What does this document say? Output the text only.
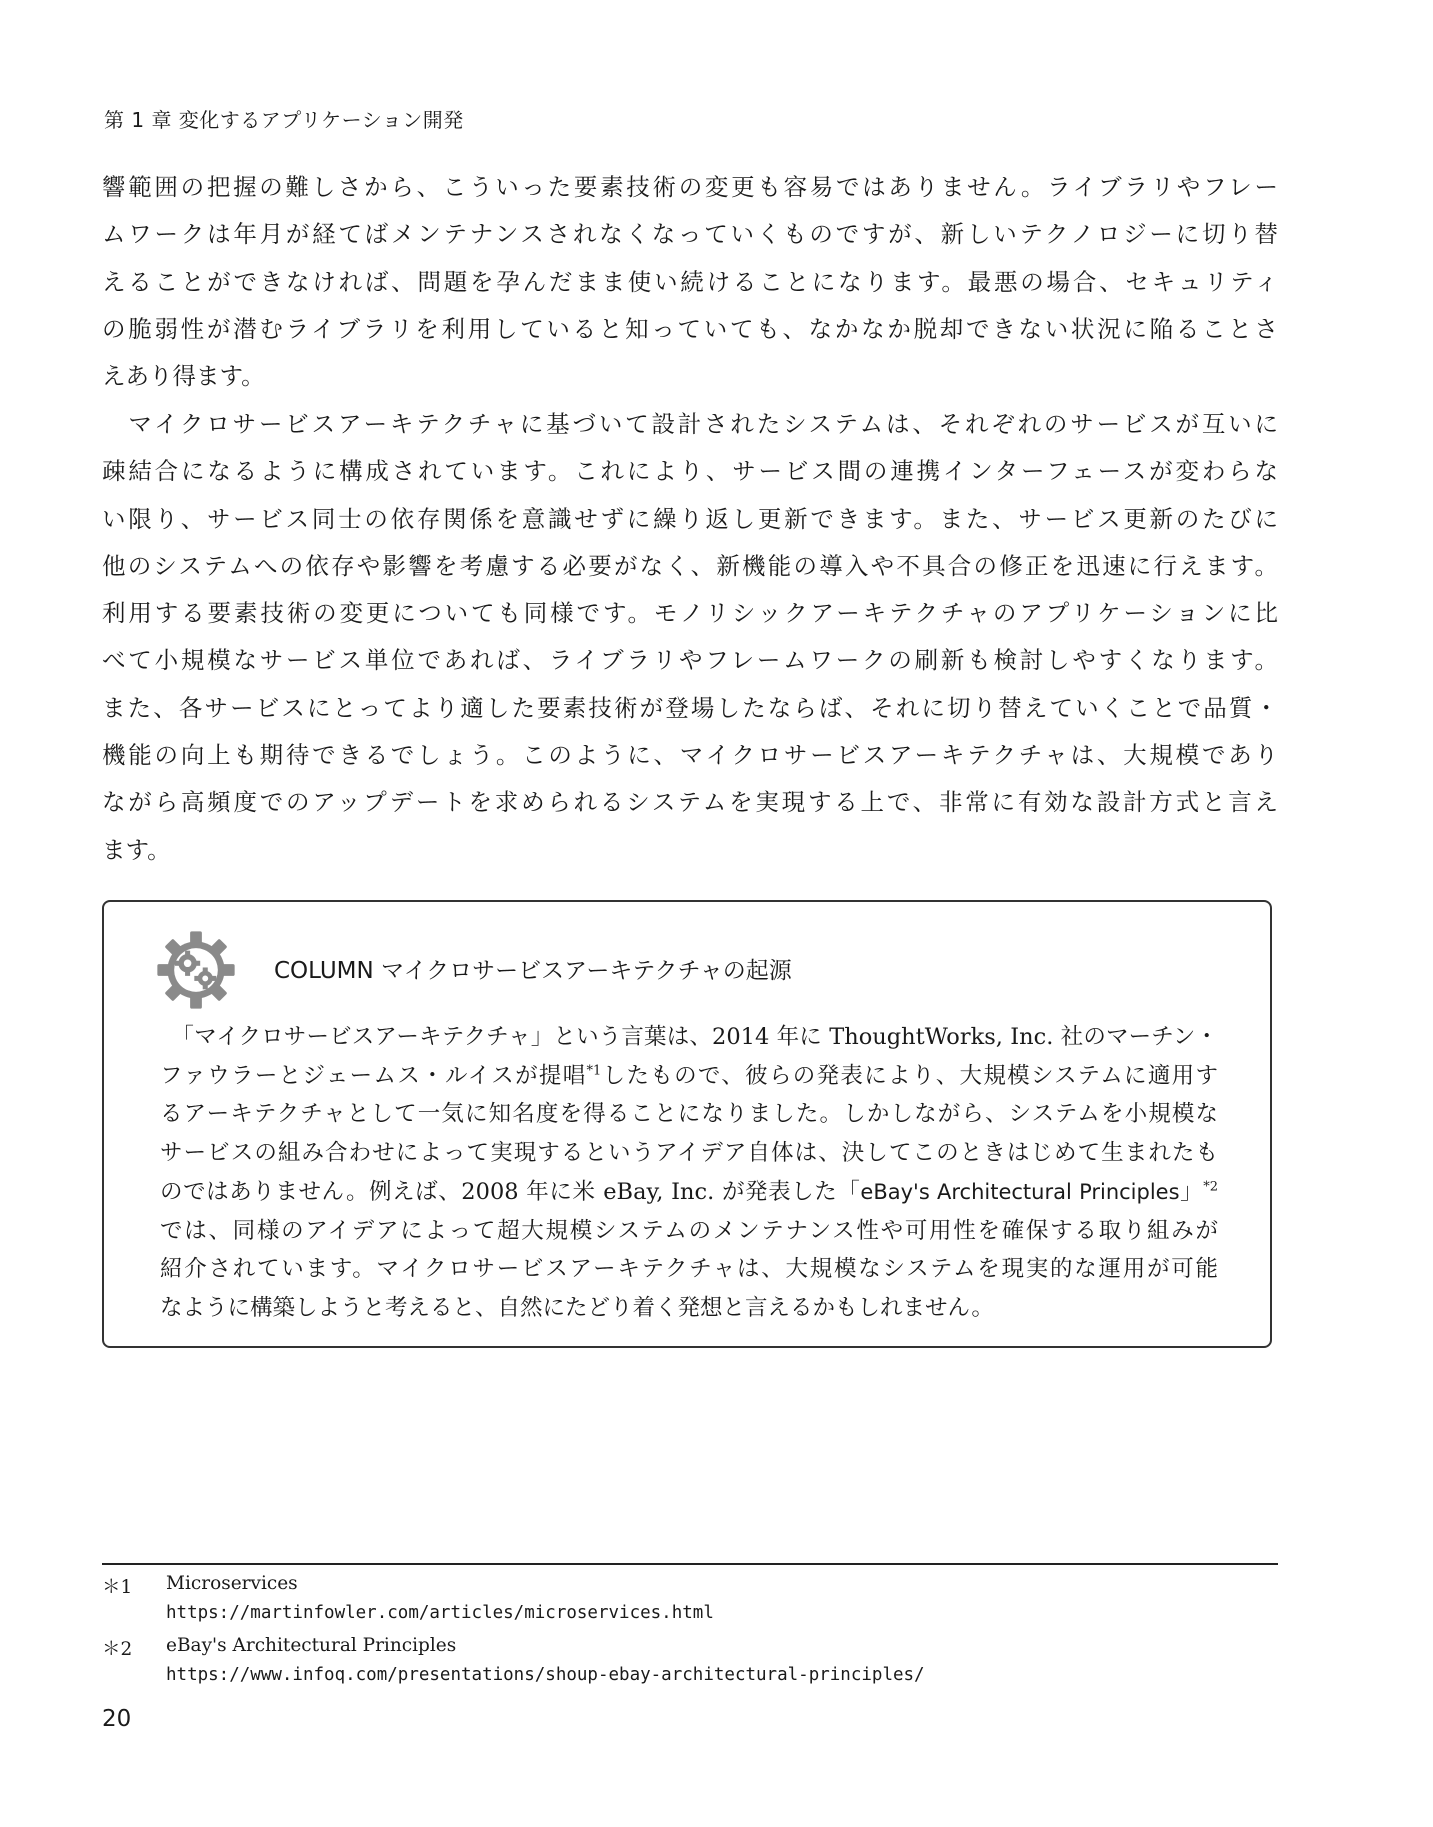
第 1 章 変化するアプリケーション開発
響範囲の把握の難しさから、こういった要素技術の変更も容易ではありません。ライブラリやフレー
ムワークは年月が経てばメンテナンスされなくなっていくものですが、新しいテクノロジーに切り替
えることができなければ、問題を孕んだまま使い続けることになります。最悪の場合、セキュリティ
の脆弱性が潜むライブラリを利用していると知っていても、なかなか脱却できない状況に陥ることさ
えあり得ます。
　マイクロサービスアーキテクチャに基づいて設計されたシステムは、それぞれのサービスが互いに
疎結合になるように構成されています。これにより、サービス間の連携インターフェースが変わらな
い限り、サービス同士の依存関係を意識せずに繰り返し更新できます。また、サービス更新のたびに
他のシステムへの依存や影響を考慮する必要がなく、新機能の導入や不具合の修正を迅速に行えます。
利用する要素技術の変更についても同様です。モノリシックアーキテクチャのアプリケーションに比
べて小規模なサービス単位であれば、ライブラリやフレームワークの刷新も検討しやすくなります。
また、各サービスにとってより適した要素技術が登場したならば、それに切り替えていくことで品質・
機能の向上も期待できるでしょう。このように、マイクロサービスアーキテクチャは、大規模であり
ながら高頻度でのアップデートを求められるシステムを実現する上で、非常に有効な設計方式と言え
ます。
COLUMN マイクロサービスアーキテクチャの起源
　「マイクロサービスアーキテクチャ」という言葉は、2014 年に ThoughtWorks, Inc. 社のマーチン・
ファウラーとジェームス・ルイスが提唱$^{*1}$したもので、彼らの発表により、大規模システムに適用す
るアーキテクチャとして一気に知名度を得ることになりました。しかしながら、システムを小規模な
サービスの組み合わせによって実現するというアイデア自体は、決してこのときはじめて生まれたも
のではありません。例えば、2008 年に米 eBay, Inc. が発表した「eBay's Architectural Principles」$^{*2}$
では、同様のアイデアによって超大規模システムのメンテナンス性や可用性を確保する取り組みが
紹介されています。マイクロサービスアーキテクチャは、大規模なシステムを現実的な運用が可能
なように構築しようと考えると、自然にたどり着く発想と言えるかもしれません。
＊1	Microservices
https://martinfowler.com/articles/microservices.html
＊2	eBay's Architectural Principles
https://www.infoq.com/presentations/shoup-ebay-architectural-principles/
20
